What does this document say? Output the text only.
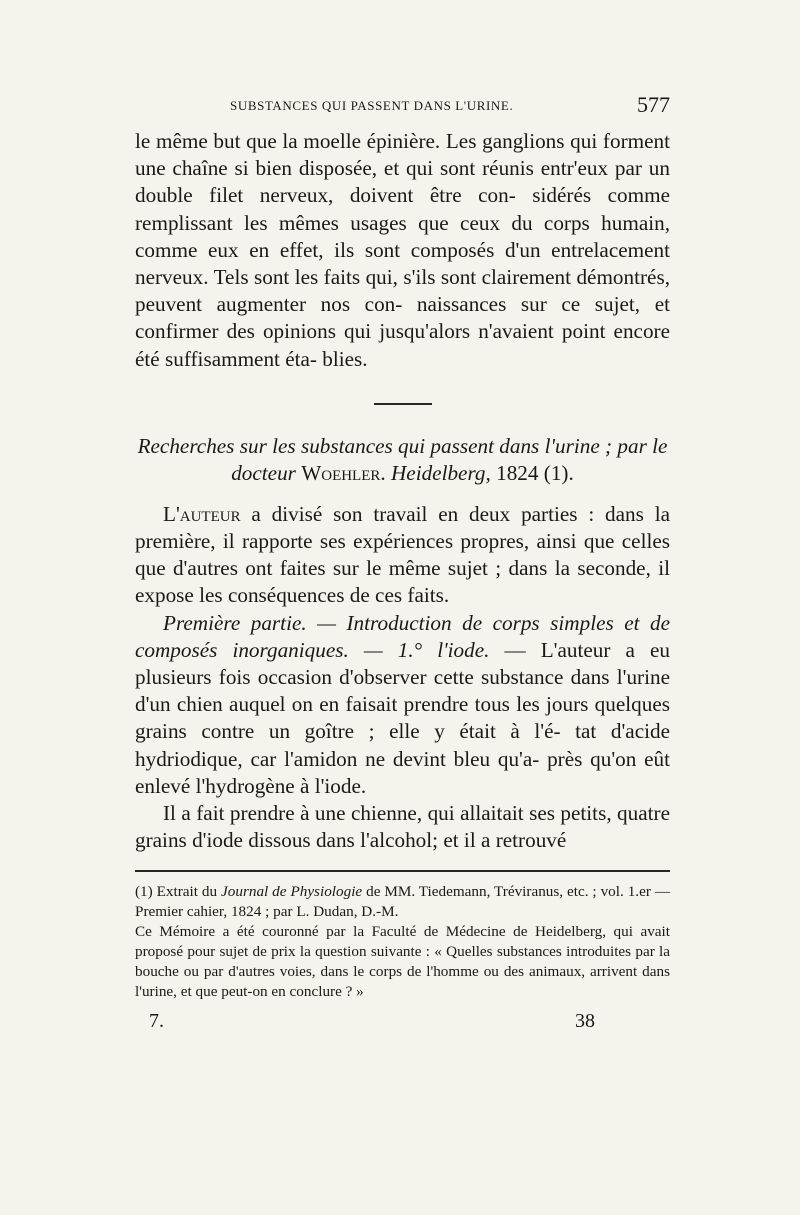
SUBSTANCES QUI PASSENT DANS L'URINE.	577

le même but que la moelle épinière. Les ganglions qui forment une chaîne si bien disposée, et qui sont réunis entr'eux par un double filet nerveux, doivent être con- sidérés comme remplissant les mêmes usages que ceux du corps humain, comme eux en effet, ils sont composés d'un entrelacement nerveux. Tels sont les faits qui, s'ils sont clairement démontrés, peuvent augmenter nos con- naissances sur ce sujet, et confirmer des opinions qui jusqu'alors n'avaient point encore été suffisamment éta- blies.

Recherches sur les substances qui passent dans l'urine ; par le docteur Woehler. Heidelberg, 1824 (1).

L'auteur a divisé son travail en deux parties : dans la première, il rapporte ses expériences propres, ainsi que celles que d'autres ont faites sur le même sujet ; dans la seconde, il expose les conséquences de ces faits.

Première partie. — Introduction de corps simples et de composés inorganiques. — 1.° l'iode. — L'auteur a eu plusieurs fois occasion d'observer cette substance dans l'urine d'un chien auquel on en faisait prendre tous les jours quelques grains contre un goître ; elle y était à l'é- tat d'acide hydriodique, car l'amidon ne devint bleu qu'a- près qu'on eût enlevé l'hydrogène à l'iode.

Il a fait prendre à une chienne, qui allaitait ses petits, quatre grains d'iode dissous dans l'alcohol; et il a retrouvé

(1) Extrait du Journal de Physiologie de MM. Tiedemann, Tréviranus, etc. ; vol. 1.er — Premier cahier, 1824 ; par L. Dudan, D.-M.

Ce Mémoire a été couronné par la Faculté de Médecine de Heidelberg, qui avait proposé pour sujet de prix la question suivante : « Quelles substances introduites par la bouche ou par d'autres voies, dans le corps de l'homme ou des animaux, arrivent dans l'urine, et que peut-on en conclure ? »

7.	38
